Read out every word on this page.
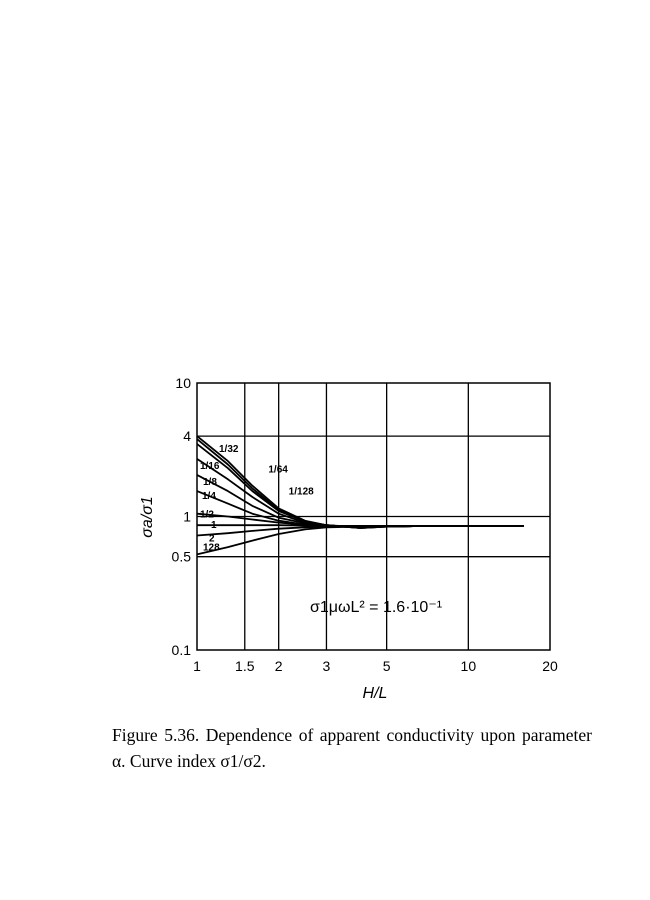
1/128
1/64
1/32
1/16
1/8
1/4
1/2
1
2
128
1 1.5 2	3	5	10	20
0.1
0.5
1
4
10
H/L
σa/σ1
σ1μωL² = 1.6·10⁻¹

Figure 5.36. Dependence of apparent conductivity upon parameter α. Curve index σ1/σ2.
